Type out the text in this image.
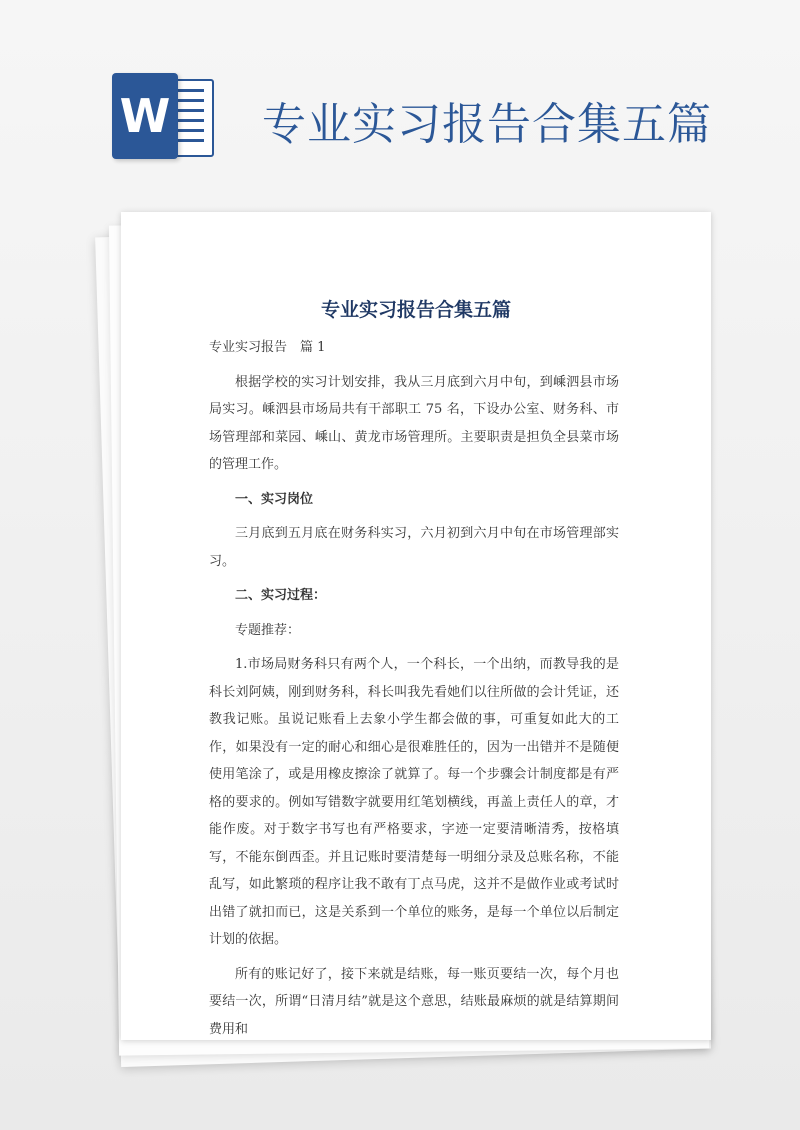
W 专业实习报告合集五篇
专业实习报告合集五篇

专业实习报告　篇 1

根据学校的实习计划安排，我从三月底到六月中旬，到嵊泗县市场局实习。嵊泗县市场局共有干部职工 75 名，下设办公室、财务科、市场管理部和菜园、嵊山、黄龙市场管理所。主要职责是担负全县菜市场的管理工作。

一、实习岗位

三月底到五月底在财务科实习，六月初到六月中旬在市场管理部实习。

二、实习过程：

专题推荐：

1.市场局财务科只有两个人，一个科长，一个出纳，而教导我的是科长刘阿姨，刚到财务科，科长叫我先看她们以往所做的会计凭证，还教我记账。虽说记账看上去象小学生都会做的事，可重复如此大的工作，如果没有一定的耐心和细心是很难胜任的，因为一出错并不是随便使用笔涂了，或是用橡皮擦涂了就算了。每一个步骤会计制度都是有严格的要求的。例如写错数字就要用红笔划横线，再盖上责任人的章，才能作废。对于数字书写也有严格要求，字迹一定要清晰清秀，按格填写，不能东倒西歪。并且记账时要清楚每一明细分录及总账名称，不能乱写，如此繁琐的程序让我不敢有丁点马虎，这并不是做作业或考试时出错了就扣而已，这是关系到一个单位的账务，是每一个单位以后制定计划的依据。

所有的账记好了，接下来就是结账，每一账页要结一次，每个月也要结一次，所谓“日清月结”就是这个意思，结账最麻烦的就是结算期间费用和
